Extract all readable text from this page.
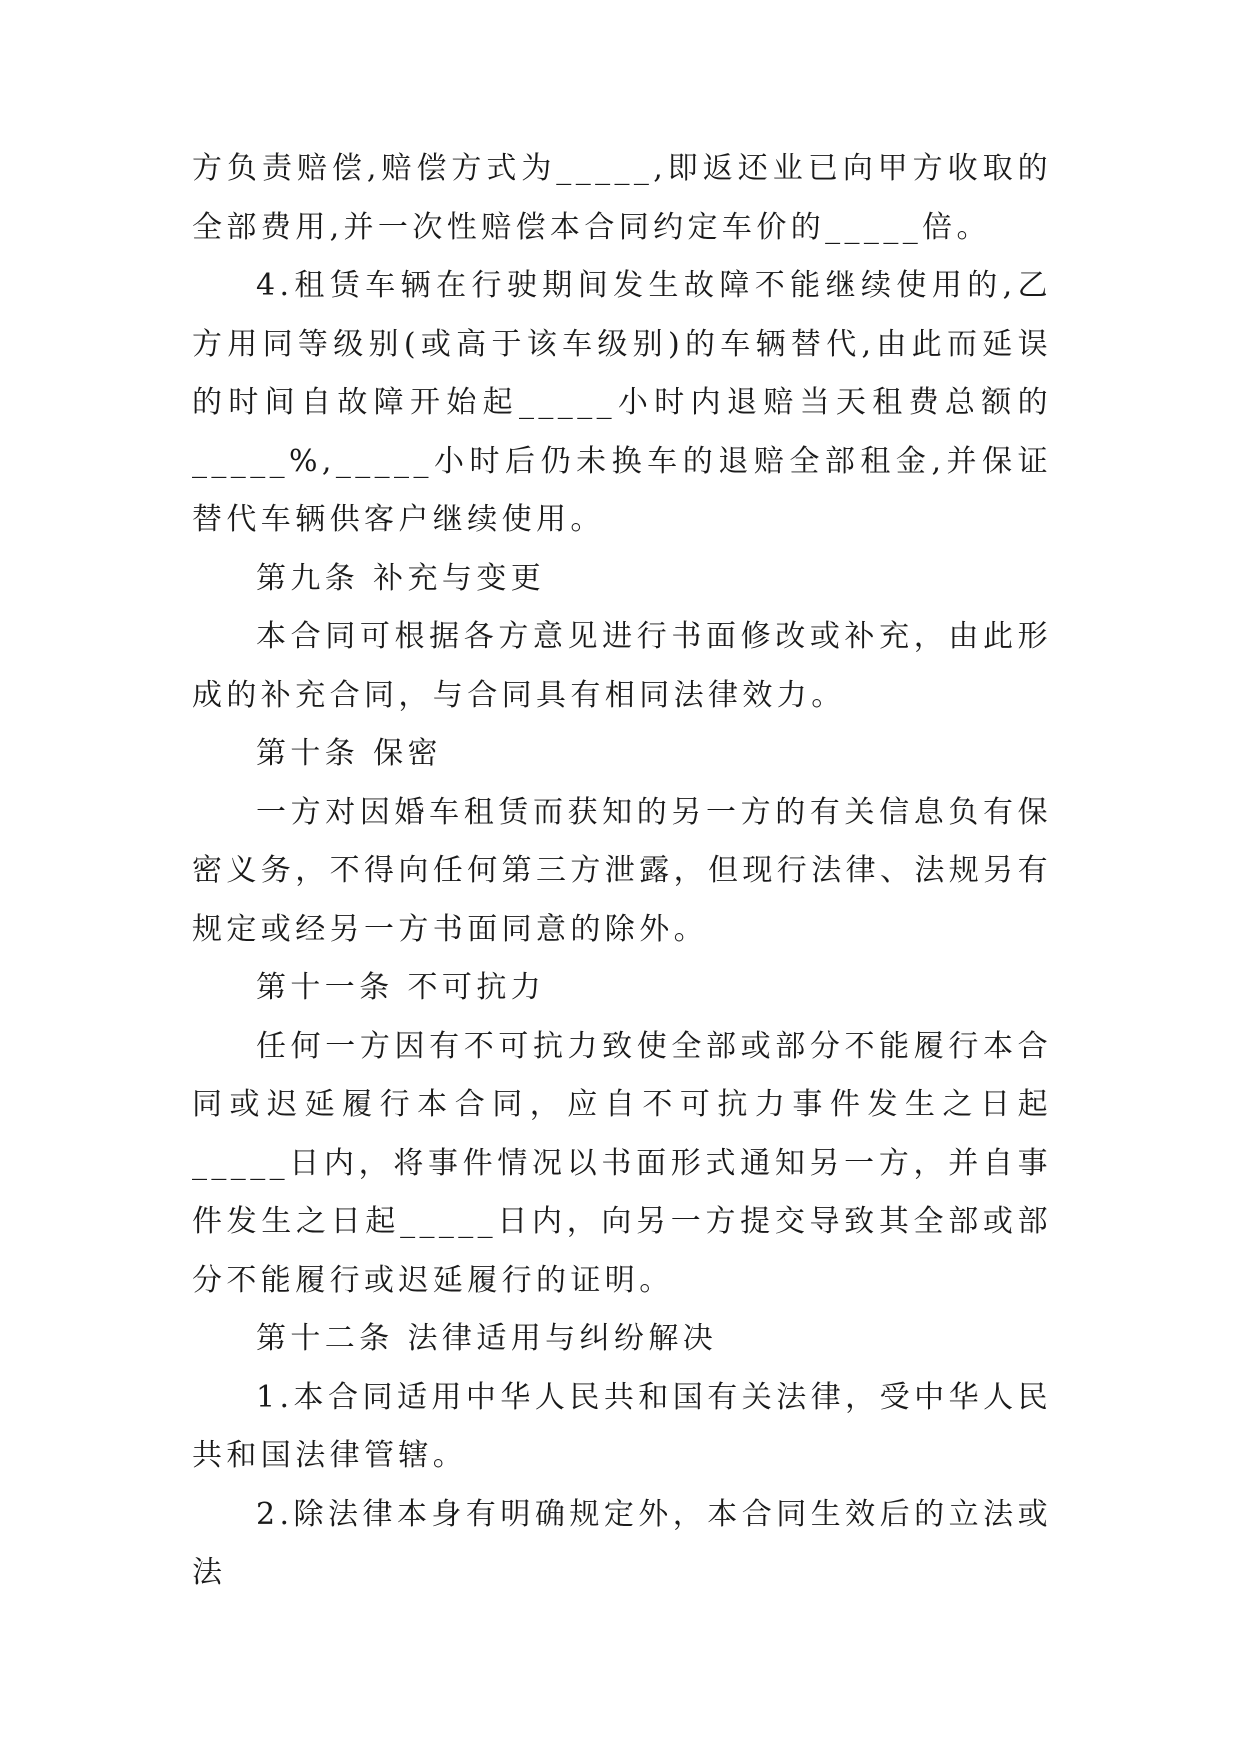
方负责赔偿,赔偿方式为_____,即返还业已向甲方收取的全部费用,并一次性赔偿本合同约定车价的_____倍。

4.租赁车辆在行驶期间发生故障不能继续使用的,乙方用同等级别(或高于该车级别)的车辆替代,由此而延误的时间自故障开始起_____小时内退赔当天租费总额的_____%,_____小时后仍未换车的退赔全部租金,并保证替代车辆供客户继续使用。

第九条 补充与变更

本合同可根据各方意见进行书面修改或补充，由此形成的补充合同，与合同具有相同法律效力。

第十条 保密

一方对因婚车租赁而获知的另一方的有关信息负有保密义务，不得向任何第三方泄露，但现行法律、法规另有规定或经另一方书面同意的除外。

第十一条 不可抗力

任何一方因有不可抗力致使全部或部分不能履行本合同或迟延履行本合同，应自不可抗力事件发生之日起_____日内，将事件情况以书面形式通知另一方，并自事件发生之日起_____日内，向另一方提交导致其全部或部分不能履行或迟延履行的证明。

第十二条 法律适用与纠纷解决

1.本合同适用中华人民共和国有关法律，受中华人民共和国法律管辖。

2.除法律本身有明确规定外，本合同生效后的立法或法
